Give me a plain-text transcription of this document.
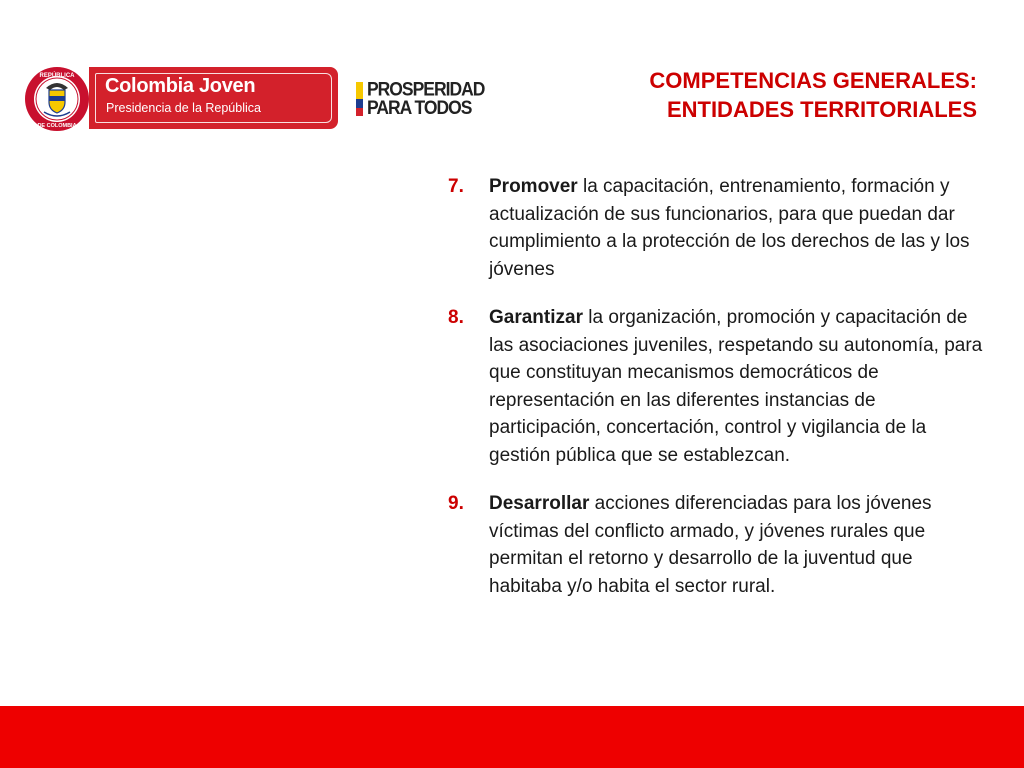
REPÚBLICA
DE COLOMBIA
Colombia Joven
Presidencia de la República
PROSPERIDAD
PARA TODOS
COMPETENCIAS GENERALES:
ENTIDADES TERRITORIALES
7. Promover la capacitación, entrenamiento, formación y actualización de sus funcionarios, para que puedan dar cumplimiento a la protección de los derechos de las y los jóvenes
8. Garantizar la organización, promoción y capacitación de las asociaciones juveniles, respetando su autonomía, para que constituyan mecanismos democráticos de representación en las diferentes instancias de participación, concertación, control y vigilancia de la gestión pública que se establezcan.
9. Desarrollar acciones diferenciadas para los jóvenes víctimas del conflicto armado, y jóvenes rurales que permitan el retorno y desarrollo de la juventud que habitaba y/o habita el sector rural.
